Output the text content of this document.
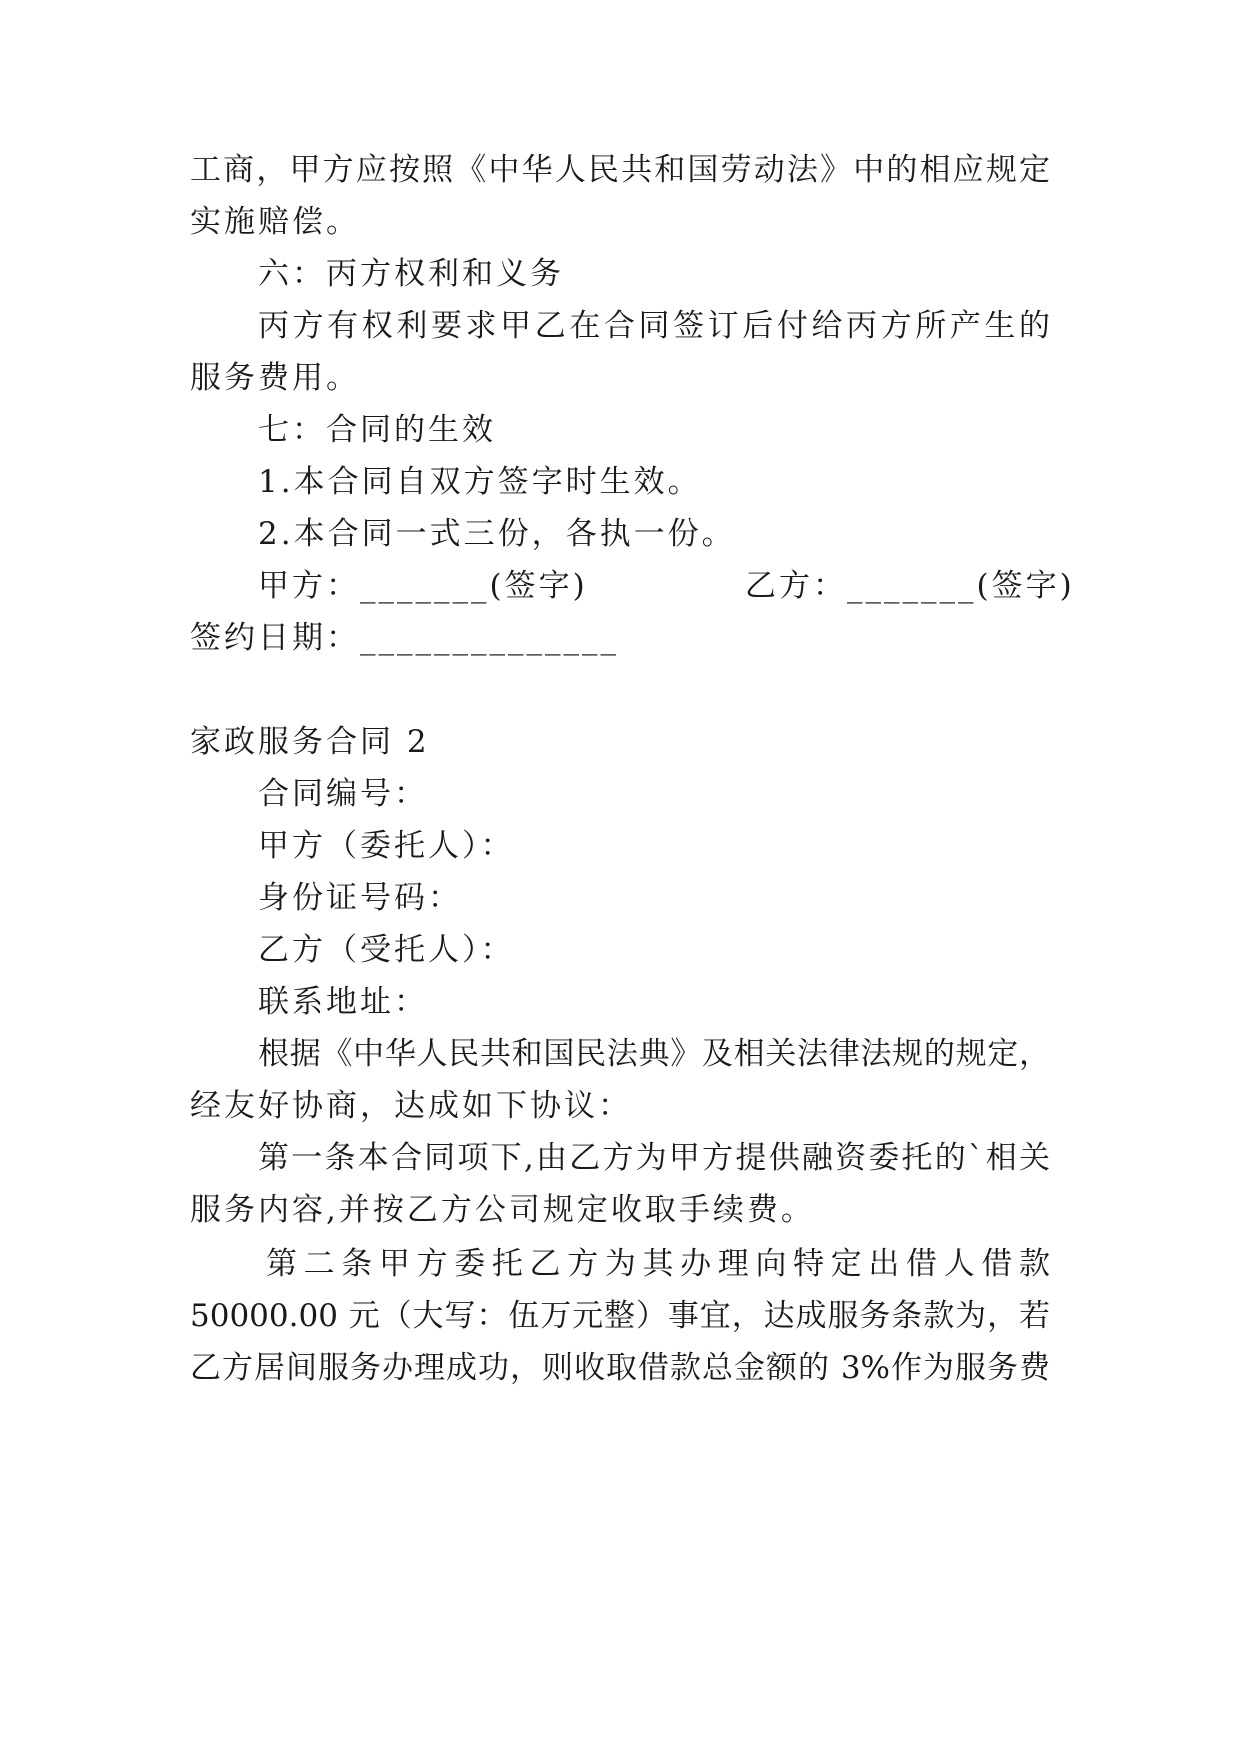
工商，甲方应按照《中华人民共和国劳动法》中的相应规定
实施赔偿。
六：丙方权利和义务
丙方有权利要求甲乙在合同签订后付给丙方所产生的
服务费用。
七：合同的生效
1.本合同自双方签字时生效。
2.本合同一式三份，各执一份。
甲方：_______(签字)	乙方：_______(签字)
签约日期：______________
家政服务合同 2
合同编号：
甲方（委托人）：
身份证号码：
乙方（受托人）：
联系地址：
根据《中华人民共和国民法典》及相关法律法规的规定，
经友好协商，达成如下协议：
第一条本合同项下,由乙方为甲方提供融资委托的`相关
服务内容,并按乙方公司规定收取手续费。
第二条甲方委托乙方为其办理向特定出借人借款
50000.00 元（大写：伍万元整）事宜，达成服务条款为，若
乙方居间服务办理成功，则收取借款总金额的 3%作为服务费
